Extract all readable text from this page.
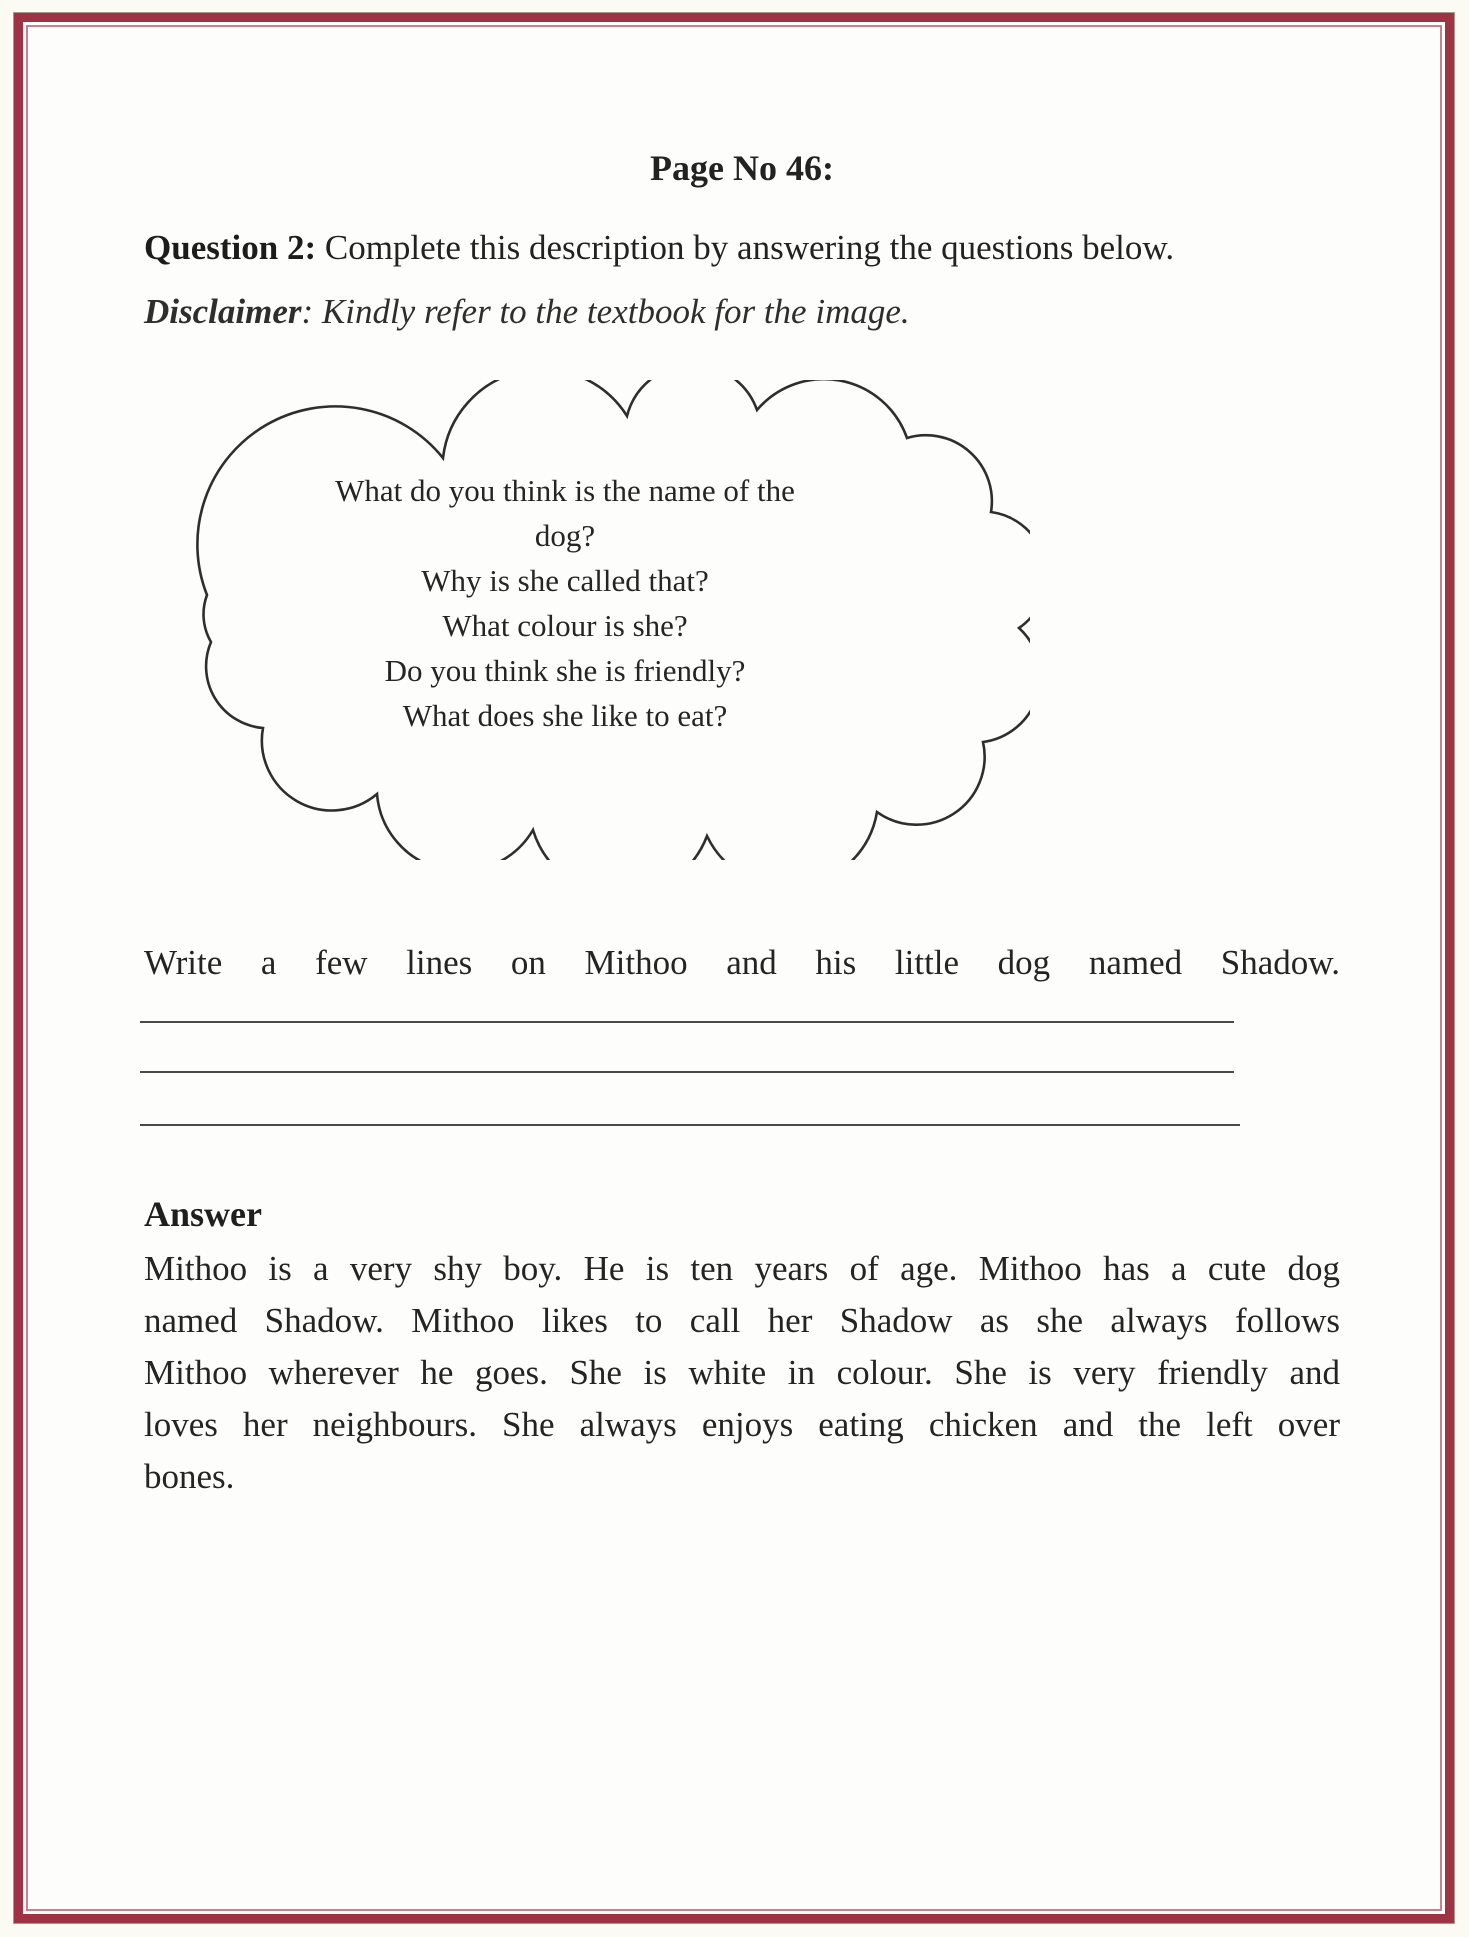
Page No 46:
Question 2: Complete this description by answering the questions below.
Disclaimer: Kindly refer to the textbook for the image.
What do you think is the name of the
dog?
Why is she called that?
What colour is she?
Do you think she is friendly?
What does she like to eat?
Write a few lines on Mithoo and his little dog named Shadow.
Answer
Mithoo is a very shy boy. He is ten years of age. Mithoo has a cute dog
named Shadow. Mithoo likes to call her Shadow as she always follows
Mithoo wherever he goes. She is white in colour. She is very friendly and
loves her neighbours. She always enjoys eating chicken and the left over
bones.
